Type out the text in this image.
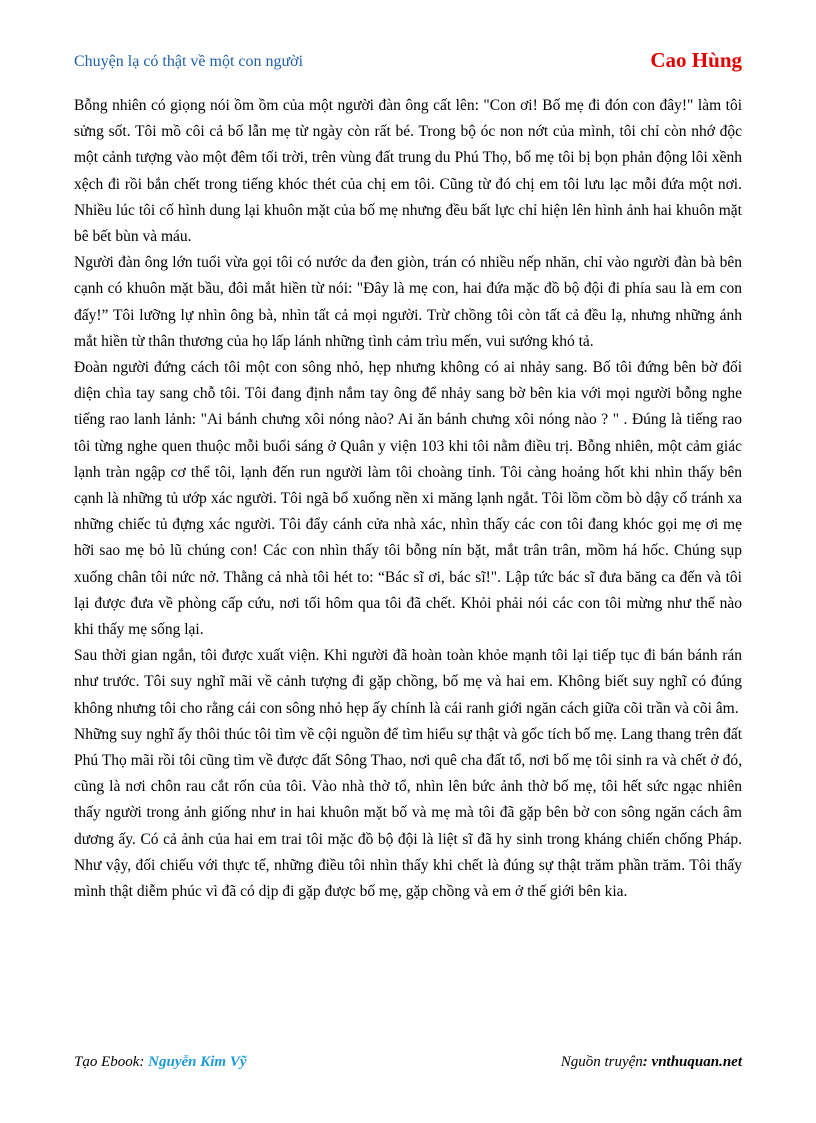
Chuyện lạ có thật về một con người	Cao Hùng

Bỗng nhiên có giọng nói ồm ồm của một người đàn ông cất lên: "Con ơi! Bố mẹ đi đón con đây!" làm tôi sửng sốt. Tôi mồ côi cả bố lẫn mẹ từ ngày còn rất bé. Trong bộ óc non nớt của mình, tôi chỉ còn nhớ độc một cảnh tượng vào một đêm tối trời, trên vùng đất trung du Phú Thọ, bố mẹ tôi bị bọn phản động lôi xềnh xệch đi rồi bắn chết trong tiếng khóc thét của chị em tôi. Cũng từ đó chị em tôi lưu lạc mỗi đứa một nơi. Nhiều lúc tôi cố hình dung lại khuôn mặt của bố mẹ nhưng đều bất lực chỉ hiện lên hình ảnh hai khuôn mặt bê bết bùn và máu.

Người đàn ông lớn tuổi vừa gọi tôi có nước da đen giòn, trán có nhiều nếp nhăn, chỉ vào người đàn bà bên cạnh có khuôn mặt bầu, đôi mắt hiền từ nói: "Đây là mẹ con, hai đứa mặc đồ bộ đội đi phía sau là em con đấy!” Tôi lưỡng lự nhìn ông bà, nhìn tất cả mọi người. Trừ chồng tôi còn tất cả đều lạ, nhưng những ánh mắt hiền từ thân thương của họ lấp lánh những tình cảm trìu mến, vui sướng khó tả.

Đoàn người đứng cách tôi một con sông nhỏ, hẹp nhưng không có ai nhảy sang. Bố tôi đứng bên bờ đối diện chìa tay sang chỗ tôi. Tôi đang định nắm tay ông để nhảy sang bờ bên kia với mọi người bỗng nghe tiếng rao lanh lảnh: "Ai bánh chưng xôi nóng nào? Ai ăn bánh chưng xôi nóng nào ? " . Đúng là tiếng rao tôi từng nghe quen thuộc mỗi buổi sáng ở Quân y viện 103 khi tôi nằm điều trị. Bỗng nhiên, một cảm giác lạnh tràn ngập cơ thể tôi, lạnh đến run người làm tôi choàng tỉnh. Tôi càng hoảng hốt khi nhìn thấy bên cạnh là những tủ ướp xác người. Tôi ngã bổ xuống nền xi măng lạnh ngắt. Tôi lồm cồm bò dậy cố tránh xa những chiếc tủ đựng xác người. Tôi đẩy cánh cửa nhà xác, nhìn thấy các con tôi đang khóc gọi mẹ ơi mẹ hỡi sao mẹ bỏ lũ chúng con! Các con nhìn thấy tôi bỗng nín bặt, mắt trân trân, mồm há hốc. Chúng sụp xuống chân tôi nức nở. Thằng cả nhà tôi hét to: “Bác sĩ ơi, bác sĩ!". Lập tức bác sĩ đưa băng ca đến và tôi lại được đưa về phòng cấp cứu, nơi tối hôm qua tôi đã chết. Khỏi phải nói các con tôi mừng như thế nào khi thấy mẹ sống lại.

Sau thời gian ngắn, tôi được xuất viện. Khi người đã hoàn toàn khỏe mạnh tôi lại tiếp tục đi bán bánh rán như trước. Tôi suy nghĩ mãi về cảnh tượng đi gặp chồng, bố mẹ và hai em. Không biết suy nghĩ có đúng không nhưng tôi cho rằng cái con sông nhỏ hẹp ấy chính là cái ranh giới ngăn cách giữa cõi trần và cõi âm.

Những suy nghĩ ấy thôi thúc tôi tìm về cội nguồn để tìm hiểu sự thật và gốc tích bố mẹ. Lang thang trên đất Phú Thọ mãi rồi tôi cũng tìm về được đất Sông Thao, nơi quê cha đất tổ, nơi bố mẹ tôi sinh ra và chết ở đó, cũng là nơi chôn rau cắt rốn của tôi. Vào nhà thờ tổ, nhìn lên bức ảnh thờ bố mẹ, tôi hết sức ngạc nhiên thấy người trong ảnh giống như in hai khuôn mặt bố và mẹ mà tôi đã gặp bên bờ con sông ngăn cách âm dương ấy. Có cả ảnh của hai em trai tôi mặc đồ bộ đội là liệt sĩ đã hy sinh trong kháng chiến chống Pháp. Như vậy, đối chiếu với thực tế, những điều tôi nhìn thấy khi chết là đúng sự thật trăm phần trăm. Tôi thấy mình thật diễm phúc vì đã có dịp đi gặp được bố mẹ, gặp chồng và em ở thế giới bên kia.

Tạo Ebook: Nguyễn Kim Vỹ	Nguồn truyện: vnthuquan.net
